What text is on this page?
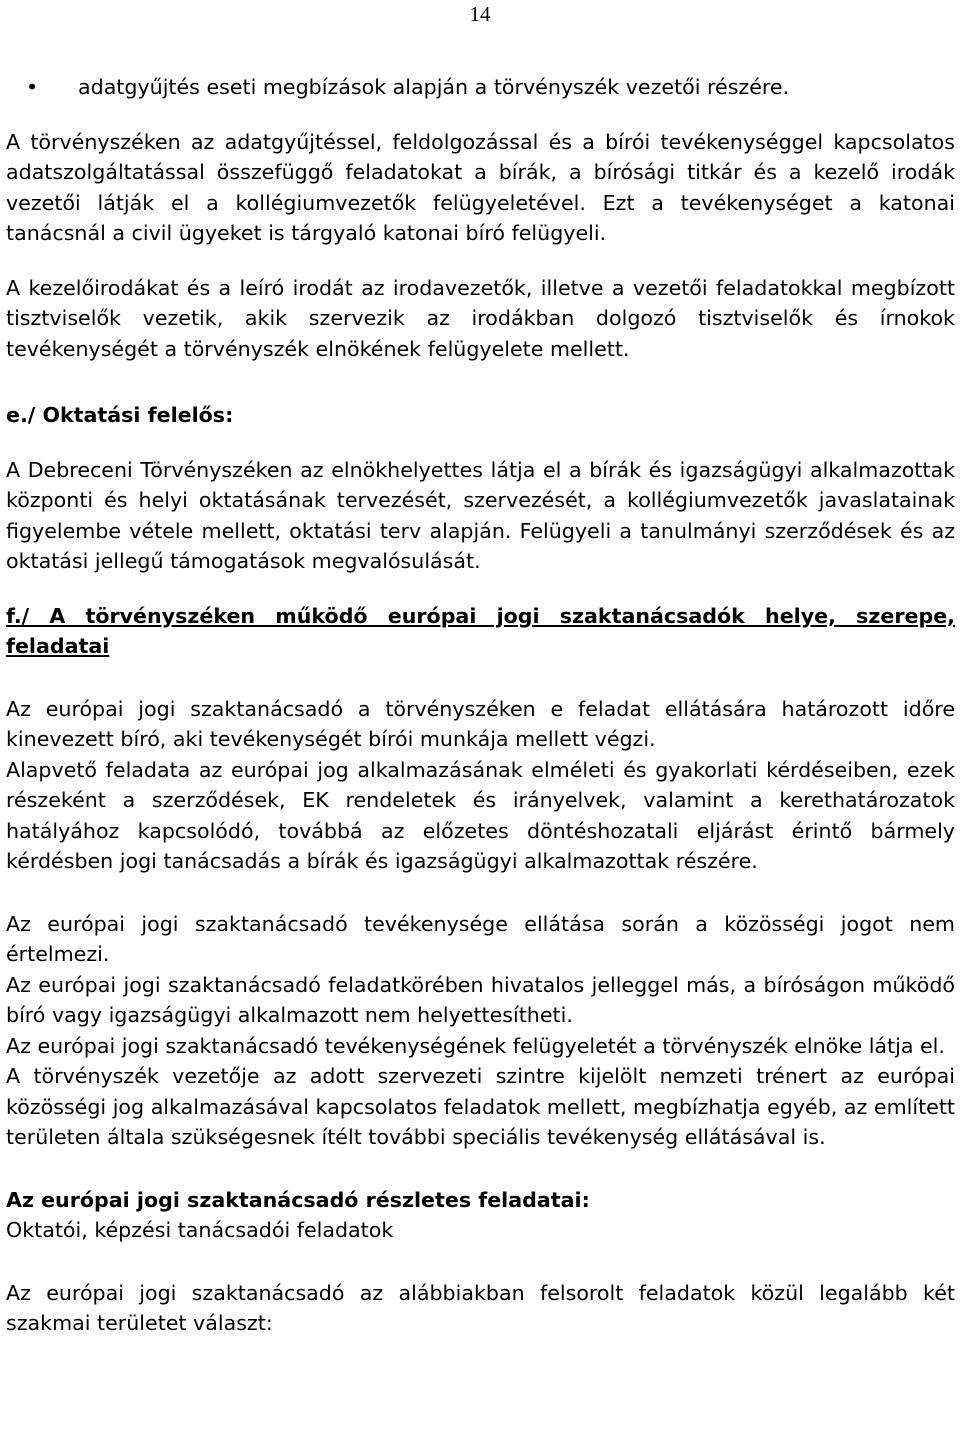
14
•	adatgyűjtés eseti megbízások alapján a törvényszék vezetői részére.

A törvényszéken az adatgyűjtéssel, feldolgozással és a bírói tevékenységgel kapcsolatos adatszolgáltatással összefüggő feladatokat a bírák, a bírósági titkár és a kezelő irodák vezetői látják el a kollégiumvezetők felügyeletével. Ezt a tevékenységet a katonai tanácsnál a civil ügyeket is tárgyaló katonai bíró felügyeli.

A kezelőirodákat és a leíró irodát az irodavezetők, illetve a vezetői feladatokkal megbízott tisztviselők vezetik, akik szervezik az irodákban dolgozó tisztviselők és írnokok tevékenységét a törvényszék elnökének felügyelete mellett.

e./ Oktatási felelős:

A Debreceni Törvényszéken az elnökhelyettes látja el a bírák és igazságügyi alkalmazottak központi és helyi oktatásának tervezését, szervezését, a kollégiumvezetők javaslatainak figyelembe vétele mellett, oktatási terv alapján. Felügyeli a tanulmányi szerződések és az oktatási jellegű támogatások megvalósulását.

f./ A törvényszéken működő európai jogi szaktanácsadók helye, szerepe, feladatai

Az európai jogi szaktanácsadó a törvényszéken e feladat ellátására határozott időre kinevezett bíró, aki tevékenységét bírói munkája mellett végzi.

Alapvető feladata az európai jog alkalmazásának elméleti és gyakorlati kérdéseiben, ezek részeként a szerződések, EK rendeletek és irányelvek, valamint a kerethatározatok hatályához kapcsolódó, továbbá az előzetes döntéshozatali eljárást érintő bármely kérdésben jogi tanácsadás a bírák és igazságügyi alkalmazottak részére.

Az európai jogi szaktanácsadó tevékenysége ellátása során a közösségi jogot nem értelmezi.

Az európai jogi szaktanácsadó feladatkörében hivatalos jelleggel más, a bíróságon működő bíró vagy igazságügyi alkalmazott nem helyettesítheti.

Az európai jogi szaktanácsadó tevékenységének felügyeletét a törvényszék elnöke látja el.

A törvényszék vezetője az adott szervezeti szintre kijelölt nemzeti trénert az európai közösségi jog alkalmazásával kapcsolatos feladatok mellett, megbízhatja egyéb, az említett területen általa szükségesnek ítélt további speciális tevékenység ellátásával is.

Az európai jogi szaktanácsadó részletes feladatai:

Oktatói, képzési tanácsadói feladatok

Az európai jogi szaktanácsadó az alábbiakban felsorolt feladatok közül legalább két szakmai területet választ:
